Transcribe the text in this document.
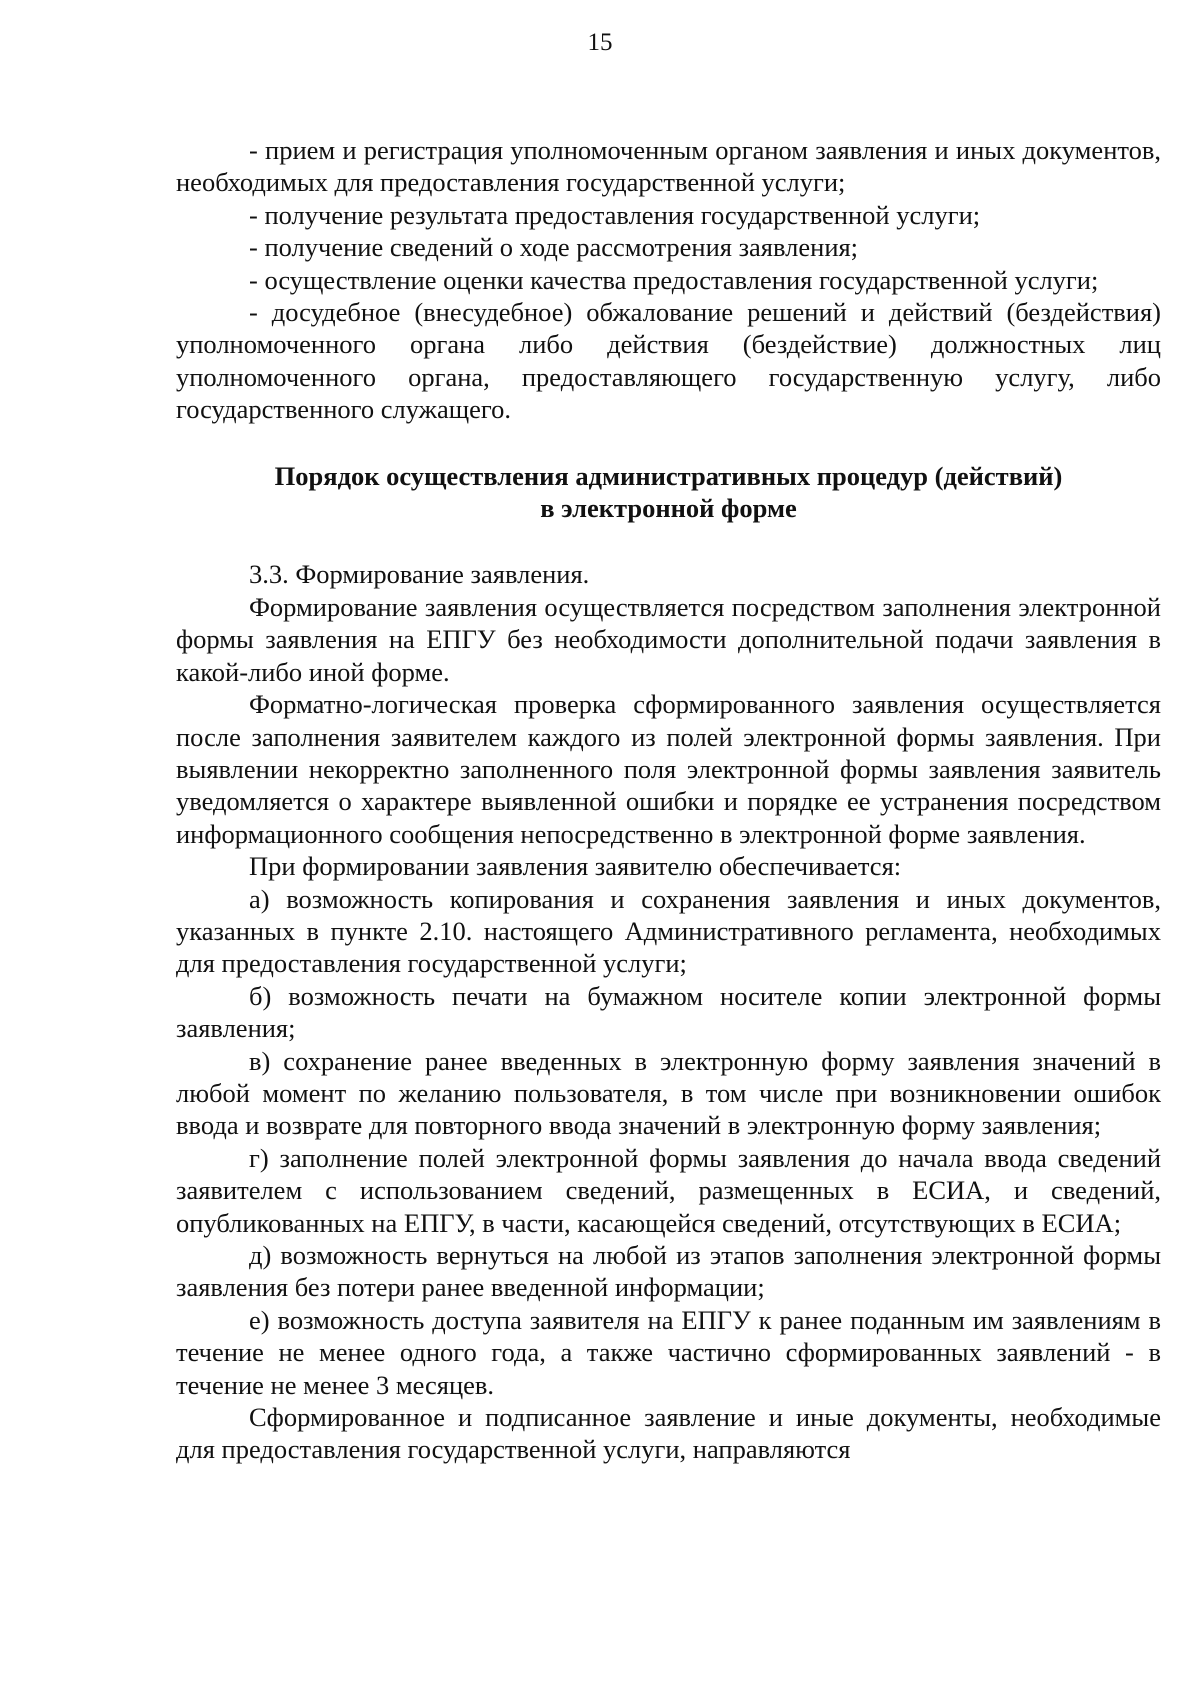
15

- прием и регистрация уполномоченным органом заявления и иных документов, необходимых для предоставления государственной услуги;

- получение результата предоставления государственной услуги;

- получение сведений о ходе рассмотрения заявления;

- осуществление оценки качества предоставления государственной услуги;

- досудебное (внесудебное) обжалование решений и действий (бездействия) уполномоченного органа либо действия (бездействие) должностных лиц уполномоченного органа, предоставляющего государственную услугу, либо государственного служащего.

Порядок осуществления административных процедур (действий)

в электронной форме

3.3. Формирование заявления.

Формирование заявления осуществляется посредством заполнения электронной формы заявления на ЕПГУ без необходимости дополнительной подачи заявления в какой-либо иной форме.

Форматно-логическая проверка сформированного заявления осуществляется после заполнения заявителем каждого из полей электронной формы заявления. При выявлении некорректно заполненного поля электронной формы заявления заявитель уведомляется о характере выявленной ошибки и порядке ее устранения посредством информационного сообщения непосредственно в электронной форме заявления.

При формировании заявления заявителю обеспечивается:

а) возможность копирования и сохранения заявления и иных документов, указанных в пункте 2.10. настоящего Административного регламента, необходимых для предоставления государственной услуги;

б) возможность печати на бумажном носителе копии электронной формы заявления;

в) сохранение ранее введенных в электронную форму заявления значений в любой момент по желанию пользователя, в том числе при возникновении ошибок ввода и возврате для повторного ввода значений в электронную форму заявления;

г) заполнение полей электронной формы заявления до начала ввода сведений заявителем с использованием сведений, размещенных в ЕСИА, и сведений, опубликованных на ЕПГУ, в части, касающейся сведений, отсутствующих в ЕСИА;

д) возможность вернуться на любой из этапов заполнения электронной формы заявления без потери ранее введенной информации;

е) возможность доступа заявителя на ЕПГУ к ранее поданным им заявлениям в течение не менее одного года, а также частично сформированных заявлений - в течение не менее 3 месяцев.

Сформированное и подписанное заявление и иные документы, необходимые для предоставления государственной услуги, направляются
